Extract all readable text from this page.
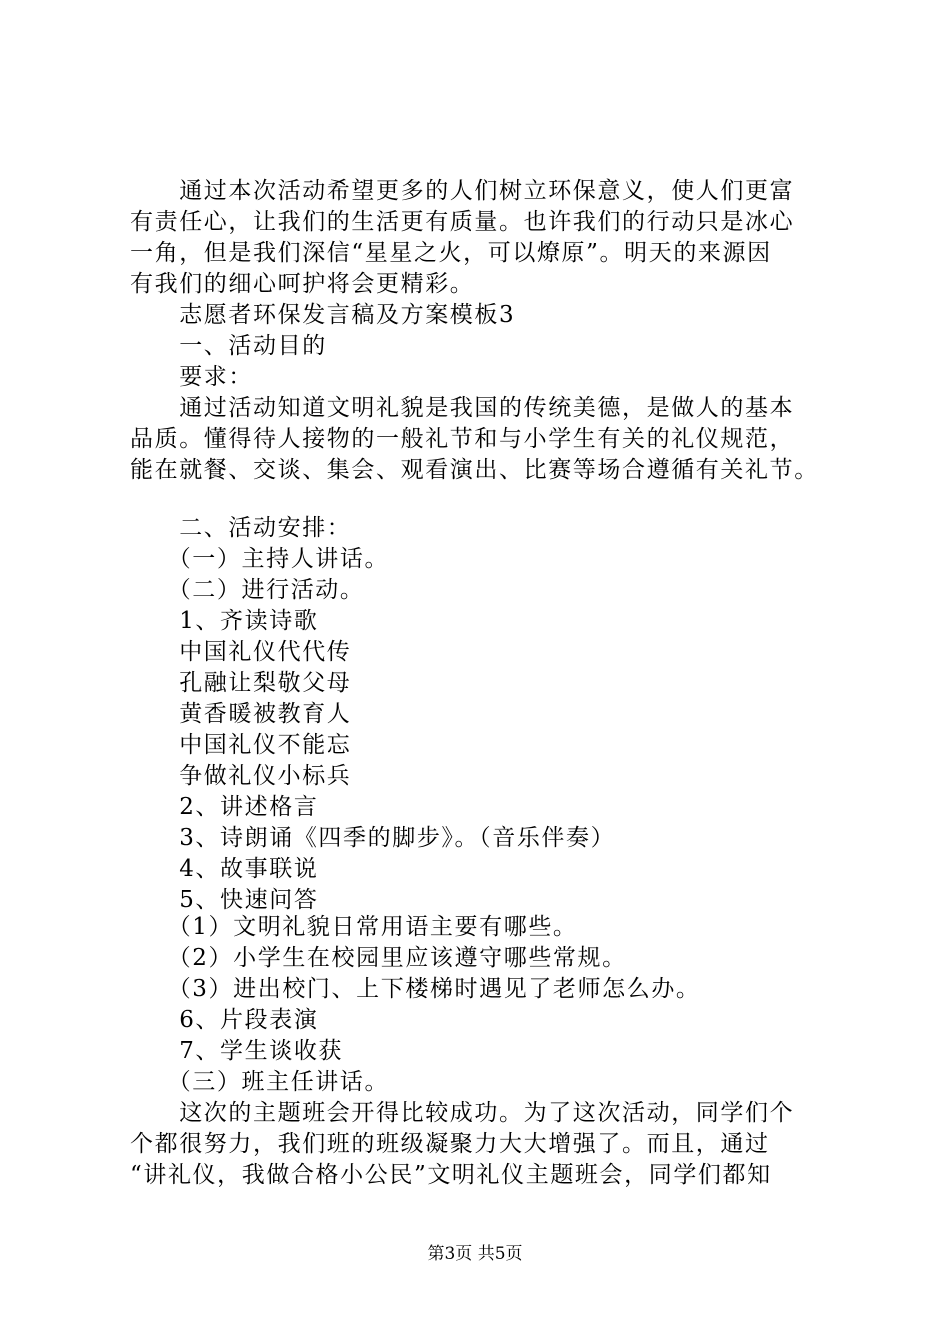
　　通过本次活动希望更多的人们树立环保意义，使人们更富
有责任心，让我们的生活更有质量。也许我们的行动只是冰心
一角，但是我们深信“星星之火，可以燎原”。明天的来源因
有我们的细心呵护将会更精彩。
　　志愿者环保发言稿及方案模板3
　　一、活动目的
　　要求：
　　通过活动知道文明礼貌是我国的传统美德，是做人的基本
品质。懂得待人接物的一般礼节和与小学生有关的礼仪规范，
能在就餐、交谈、集会、观看演出、比赛等场合遵循有关礼节。
　　二、活动安排：
　　（一）主持人讲话。
　　（二）进行活动。
　　1、齐读诗歌
　　中国礼仪代代传
　　孔融让梨敬父母
　　黄香暖被教育人
　　中国礼仪不能忘
　　争做礼仪小标兵
　　2、讲述格言
　　3、诗朗诵《四季的脚步》。（音乐伴奏）
　　4、故事联说
　　5、快速问答
　　（1）文明礼貌日常用语主要有哪些。
　　（2）小学生在校园里应该遵守哪些常规。
　　（3）进出校门、上下楼梯时遇见了老师怎么办。
　　6、片段表演
　　7、学生谈收获
　　（三）班主任讲话。
　　这次的主题班会开得比较成功。为了这次活动，同学们个
个都很努力，我们班的班级凝聚力大大增强了。而且，通过
“讲礼仪，我做合格小公民”文明礼仪主题班会，同学们都知
第3页 共5页
